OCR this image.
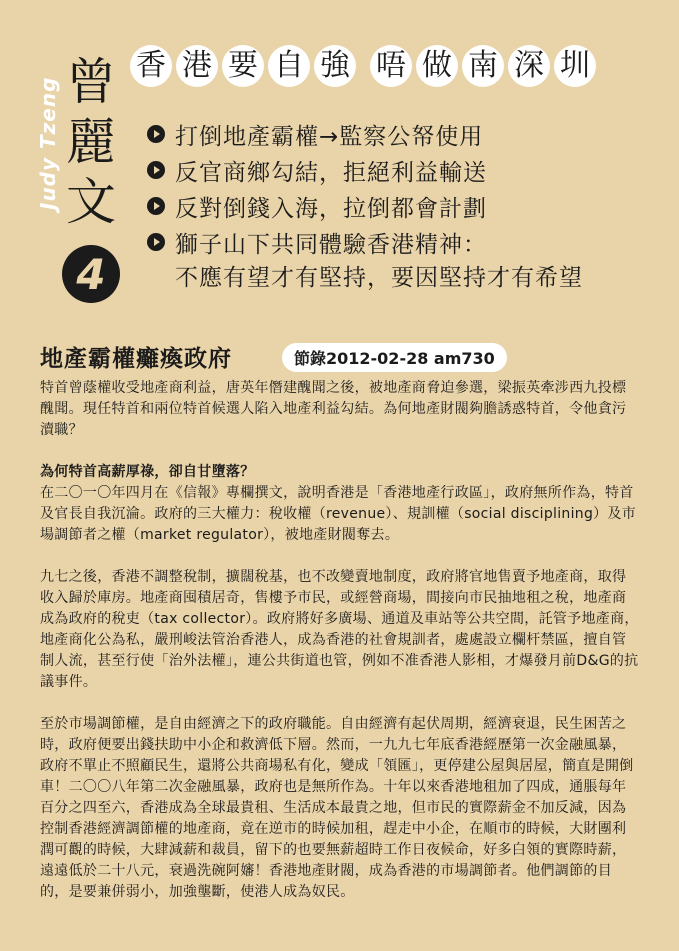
Judy Tzeng 曾
麗
文
4
香 港 要 自 強 唔 做 南 深 圳
打倒地產霸權→監察公帑使用
反官商鄉勾結，拒絕利益輸送
反對倒錢入海，拉倒都會計劃
獅子山下共同體驗香港精神：
不應有望才有堅持，要因堅持才有希望
地產霸權癱瘓政府	節錄2012-02-28 am730

特首曾蔭權收受地產商利益，唐英年僭建醜聞之後，被地產商脅迫參選，梁振英牽涉西九投標醜聞。現任特首和兩位特首候選人陷入地產利益勾結。為何地產財閥夠膽誘惑特首，令他貪污瀆職？

為何特首高薪厚祿，卻自甘墮落？

在二〇一〇年四月在《信報》專欄撰文，說明香港是「香港地產行政區」，政府無所作為，特首及官長自我沉淪。政府的三大權力：稅收權（revenue）、規訓權（social disciplining）及市場調節者之權（market regulator），被地產財閥奪去。

九七之後，香港不調整稅制，擴闊稅基，也不改變賣地制度，政府將官地售賣予地產商，取得收入歸於庫房。地產商囤積居奇，售樓予市民，或經營商場，間接向市民抽地租之稅，地產商成為政府的稅吏（tax collector）。政府將好多廣場、通道及車站等公共空間，託管予地產商，地產商化公為私，嚴刑峻法管治香港人，成為香港的社會規訓者，處處設立欄杆禁區，擅自管制人流，甚至行使「治外法權」，連公共街道也管，例如不准香港人影相，才爆發月前D&G的抗議事件。

至於市場調節權，是自由經濟之下的政府職能。自由經濟有起伏周期，經濟衰退，民生困苦之時，政府便要出錢扶助中小企和救濟低下層。然而，一九九七年底香港經歷第一次金融風暴，政府不單止不照顧民生，還將公共商場私有化，變成「領匯」，更停建公屋與居屋，簡直是開倒車！二〇〇八年第二次金融風暴，政府也是無所作為。十年以來香港地租加了四成，通脹每年百分之四至六，香港成為全球最貴租、生活成本最貴之地，但市民的實際薪金不加反減，因為控制香港經濟調節權的地產商，竟在逆市的時候加租，趕走中小企，在順市的時候，大財團利潤可觀的時候，大肆減薪和裁員，留下的也要無薪超時工作日夜候命，好多白領的實際時薪，遠遠低於二十八元，衰過洗碗阿嬸！香港地產財閥，成為香港的市場調節者。他們調節的目的，是要兼併弱小，加強壟斷，使港人成為奴民。
